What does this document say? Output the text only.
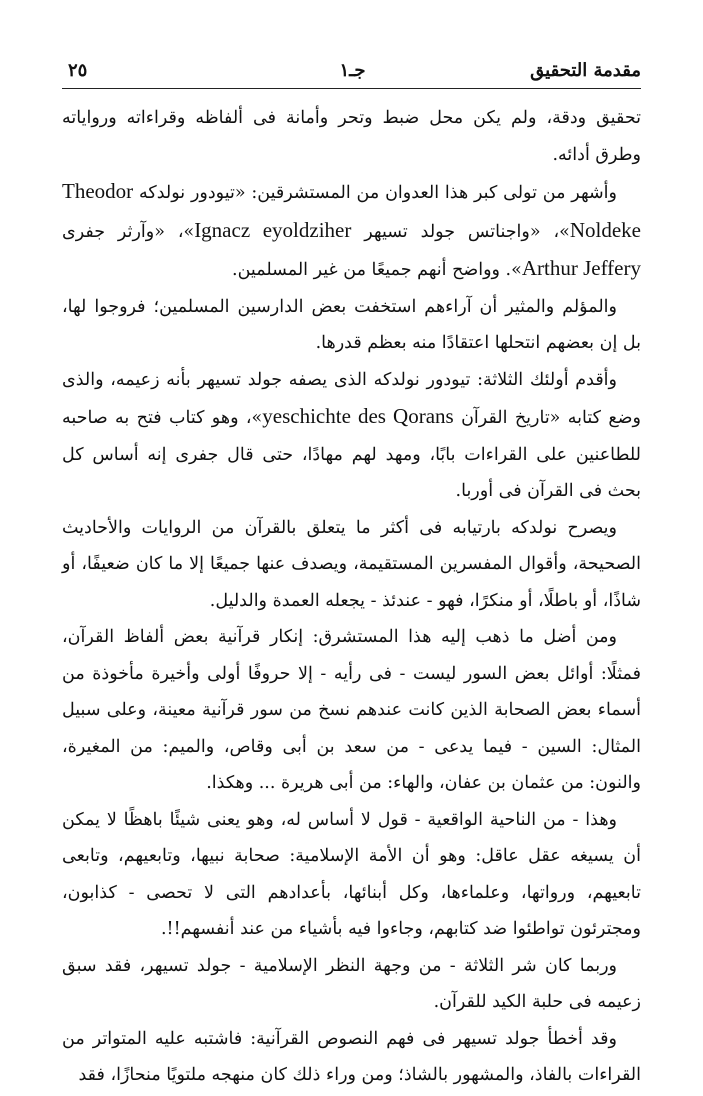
مقدمة التحقيق
جـ١
٢٥

تحقيق ودقة، ولم يكن محل ضبط وتحر وأمانة فى ألفاظه وقراءاته ورواياته وطرق أدائه.

وأشهر من تولى كبر هذا العدوان من المستشرقين: «تيودور نولدكه Theodor Noldeke»، «واجناتس جولد تسيهر Ignacz eyoldziher»، «وآرثر جفرى Arthur Jeffery». وواضح أنهم جميعًا من غير المسلمين.

والمؤلم والمثير أن آراءهم استخفت بعض الدارسين المسلمين؛ فروجوا لها، بل إن بعضهم انتحلها اعتقادًا منه بعظم قدرها.

وأقدم أولئك الثلاثة: تيودور نولدكه الذى يصفه جولد تسيهر بأنه زعيمه، والذى وضع كتابه «تاريخ القرآن yeschichte des Qorans»، وهو كتاب فتح به صاحبه للطاعنين على القراءات بابًا، ومهد لهم مهادًا، حتى قال جفرى إنه أساس كل بحث فى القرآن فى أوربا.

ويصرح نولدكه بارتيابه فى أكثر ما يتعلق بالقرآن من الروايات والأحاديث الصحيحة، وأقوال المفسرين المستقيمة، ويصدف عنها جميعًا إلا ما كان ضعيفًا، أو شاذًا، أو باطلًا، أو منكرًا، فهو - عندئذ - يجعله العمدة والدليل.

ومن أضل ما ذهب إليه هذا المستشرق: إنكار قرآنية بعض ألفاظ القرآن، فمثلًا: أوائل بعض السور ليست - فى رأيه - إلا حروفًا أولى وأخيرة مأخوذة من أسماء بعض الصحابة الذين كانت عندهم نسخ من سور قرآنية معينة، وعلى سبيل المثال: السين - فيما يدعى - من سعد بن أبى وقاص، والميم: من المغيرة، والنون: من عثمان بن عفان، والهاء: من أبى هريرة ... وهكذا.

وهذا - من الناحية الواقعية - قول لا أساس له، وهو يعنى شيئًا باهظًا لا يمكن أن يسيغه عقل عاقل: وهو أن الأمة الإسلامية: صحابة نبيها، وتابعيهم، وتابعى تابعيهم، ورواتها، وعلماءها، وكل أبنائها، بأعدادهم التى لا تحصى - كذابون، ومجترئون تواطئوا ضد كتابهم، وجاءوا فيه بأشياء من عند أنفسهم!!.

وربما كان شر الثلاثة - من وجهة النظر الإسلامية - جولد تسيهر، فقد سبق زعيمه فى حلبة الكيد للقرآن.

وقد أخطأ جولد تسيهر فى فهم النصوص القرآنية: فاشتبه عليه المتواتر من القراءات بالفاذ، والمشهور بالشاذ؛ ومن وراء ذلك كان منهجه ملتويًا منحازًا، فقد
